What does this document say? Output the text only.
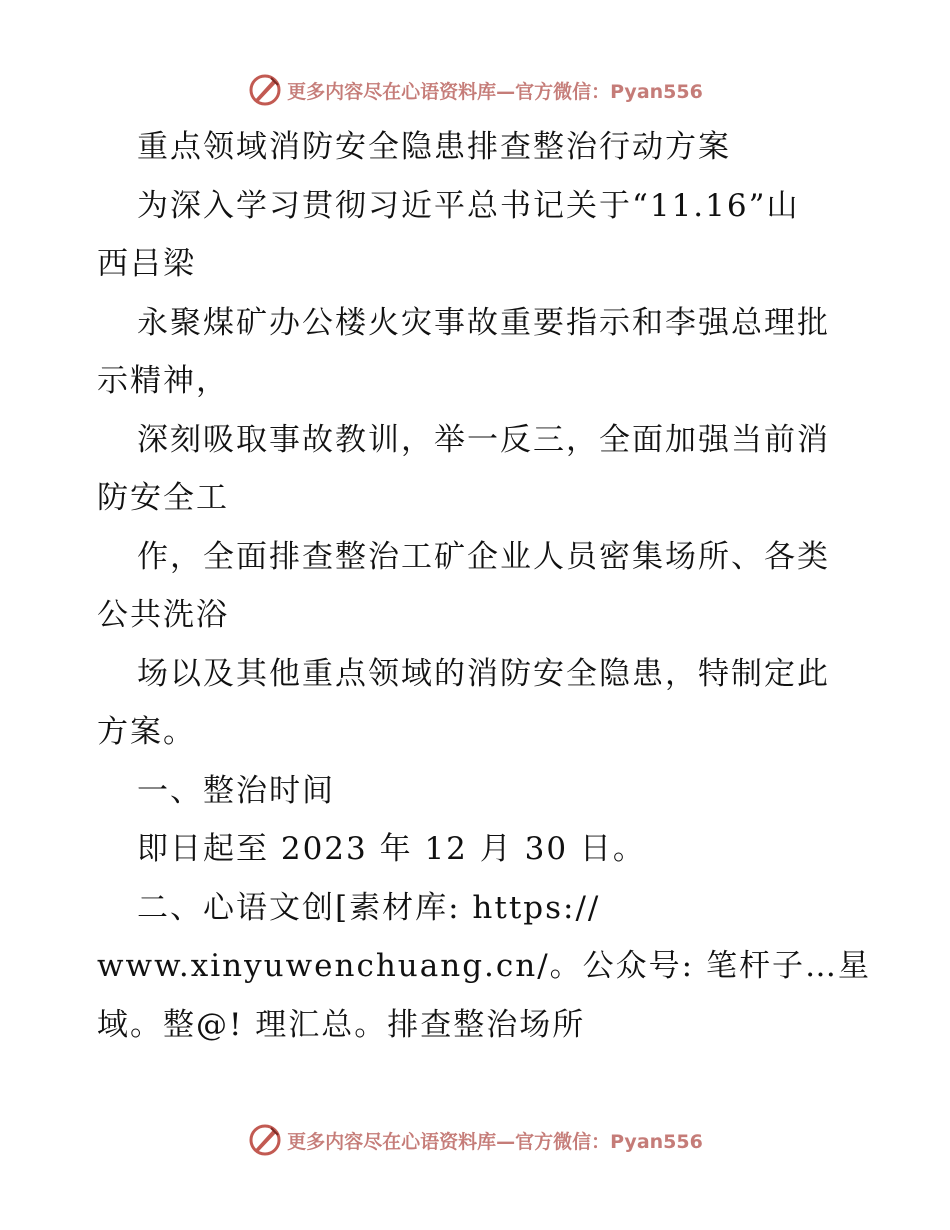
更多内容尽在心语资料库—官方微信：Pyan556
重点领域消防安全隐患排查整治行动方案
为深入学习贯彻习近平总书记关于“11.16”山
西吕梁
永聚煤矿办公楼火灾事故重要指示和李强总理批
示精神，
深刻吸取事故教训，举一反三，全面加强当前消
防安全工
作，全面排查整治工矿企业人员密集场所、各类
公共洗浴
场以及其他重点领域的消防安全隐患，特制定此
方案。
一、整治时间
即日起至 2023 年 12 月 30 日。
二、心语文创[素材库: https://
www.xinyuwenchuang.cn/。公众号: 笔杆子…星
域。整@! 理汇总。排查整治场所
更多内容尽在心语资料库—官方微信：Pyan556
